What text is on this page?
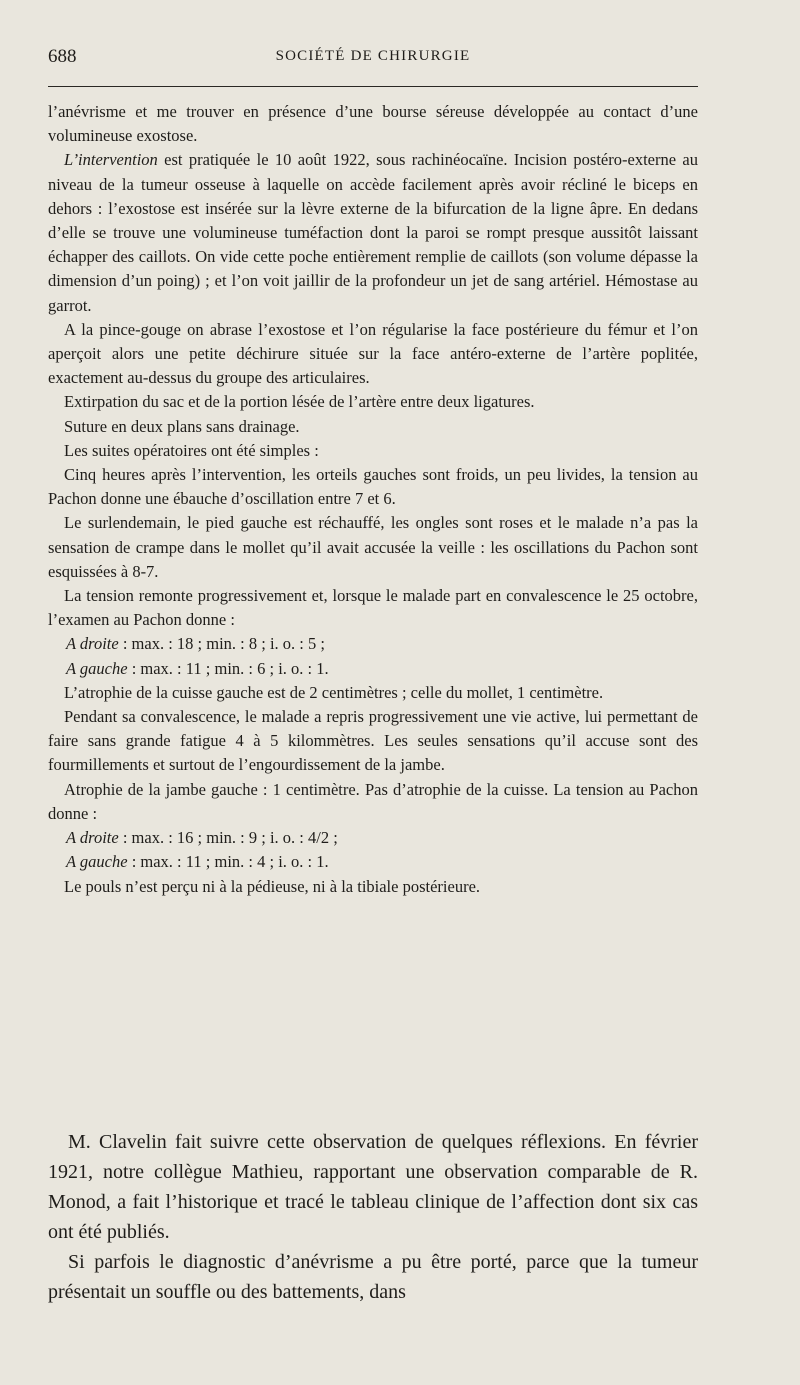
688	SOCIÉTÉ DE CHIRURGIE

l’anévrisme et me trouver en présence d’une bourse séreuse développée au contact d’une volumineuse exostose.

L’intervention est pratiquée le 10 août 1922, sous rachinéocaïne. Incision postéro-externe au niveau de la tumeur osseuse à laquelle on accède facilement après avoir récliné le biceps en dehors : l’exostose est insérée sur la lèvre externe de la bifurcation de la ligne âpre. En dedans d’elle se trouve une volumineuse tuméfaction dont la paroi se rompt presque aussitôt laissant échapper des caillots. On vide cette poche entièrement remplie de caillots (son volume dépasse la dimension d’un poing) ; et l’on voit jaillir de la profondeur un jet de sang artériel. Hémostase au garrot.

A la pince-gouge on abrase l’exostose et l’on régularise la face postérieure du fémur et l’on aperçoit alors une petite déchirure située sur la face antéro-externe de l’artère poplitée, exactement au-dessus du groupe des articulaires.

Extirpation du sac et de la portion lésée de l’artère entre deux ligatures.

Suture en deux plans sans drainage.

Les suites opératoires ont été simples :

Cinq heures après l’intervention, les orteils gauches sont froids, un peu livides, la tension au Pachon donne une ébauche d’oscillation entre 7 et 6.

Le surlendemain, le pied gauche est réchauffé, les ongles sont roses et le malade n’a pas la sensation de crampe dans le mollet qu’il avait accusée la veille : les oscillations du Pachon sont esquissées à 8-7.

La tension remonte progressivement et, lorsque le malade part en convalescence le 25 octobre, l’examen au Pachon donne :

A droite : max. : 18 ; min. : 8 ; i. o. : 5 ;

A gauche : max. : 11 ; min. : 6 ; i. o. : 1.

L’atrophie de la cuisse gauche est de 2 centimètres ; celle du mollet, 1 centimètre.

Pendant sa convalescence, le malade a repris progressivement une vie active, lui permettant de faire sans grande fatigue 4 à 5 kilommètres. Les seules sensations qu’il accuse sont des fourmillements et surtout de l’engourdissement de la jambe.

Atrophie de la jambe gauche : 1 centimètre. Pas d’atrophie de la cuisse. La tension au Pachon donne :

A droite : max. : 16 ; min. : 9 ; i. o. : 4/2 ;

A gauche : max. : 11 ; min. : 4 ; i. o. : 1.

Le pouls n’est perçu ni à la pédieuse, ni à la tibiale postérieure.

M. Clavelin fait suivre cette observation de quelques réflexions. En février 1921, notre collègue Mathieu, rapportant une observation comparable de R. Monod, a fait l’historique et tracé le tableau clinique de l’affection dont six cas ont été publiés.

Si parfois le diagnostic d’anévrisme a pu être porté, parce que la tumeur présentait un souffle ou des battements, dans
